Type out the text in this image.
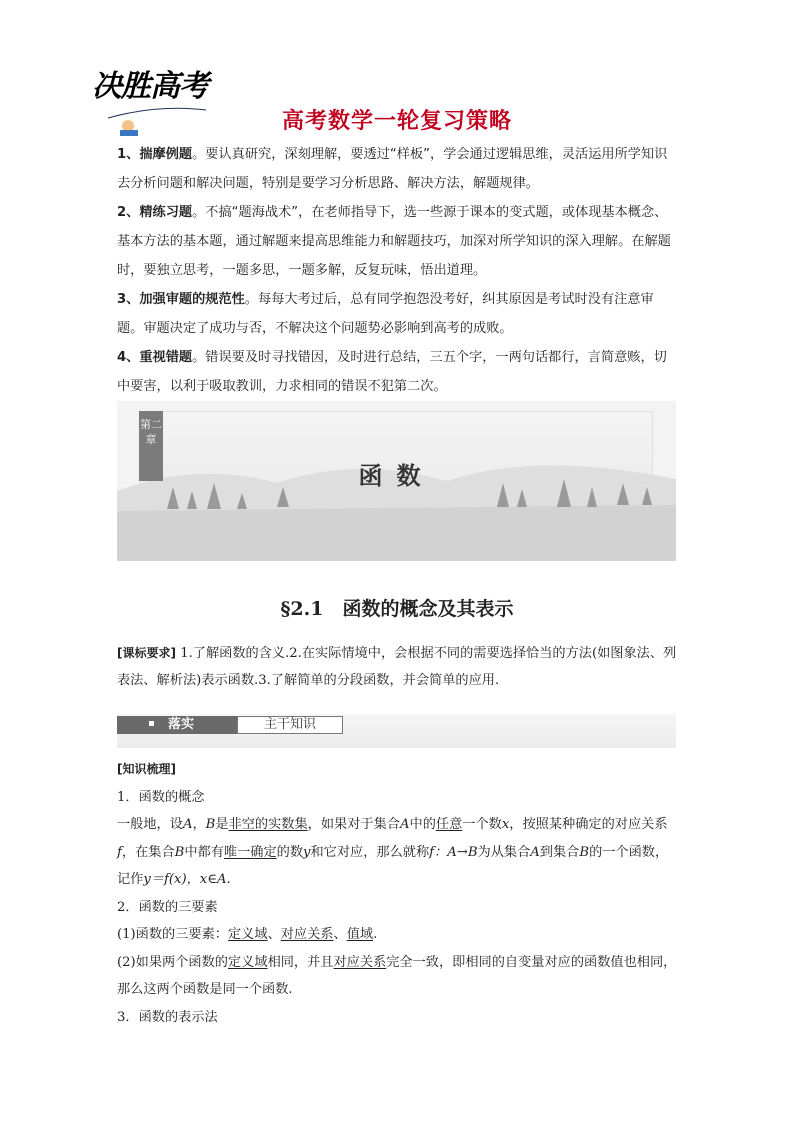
决胜高考
高考数学一轮复习策略

1、揣摩例题。要认真研究，深刻理解，要透过“样板”，学会通过逻辑思维，灵活运用所学知识去分析问题和解决问题，特别是要学习分析思路、解决方法，解题规律。

2、精练习题。不搞“题海战术”，在老师指导下，选一些源于课本的变式题，或体现基本概念、基本方法的基本题，通过解题来提高思维能力和解题技巧，加深对所学知识的深入理解。在解题时，要独立思考，一题多思，一题多解，反复玩味，悟出道理。

3、加强审题的规范性。每每大考过后，总有同学抱怨没考好，纠其原因是考试时没有注意审题。审题决定了成功与否，不解决这个问题势必影响到高考的成败。

4、重视错题。错误要及时寻找错因，及时进行总结，三五个字，一两句话都行，言简意赅，切中要害，以利于吸取教训，力求相同的错误不犯第二次。

第二章
函数
§2.1　函数的概念及其表示
[课标要求] 1.了解函数的含义.2.在实际情境中，会根据不同的需要选择恰当的方法(如图象法、列表法、解析法)表示函数.3.了解简单的分段函数，并会简单的应用.
落实	主干知识

[知识梳理]

1．函数的概念

一般地，设A，B是非空的实数集，如果对于集合A中的任意一个数x，按照某种确定的对应关系f，在集合B中都有唯一确定的数y和它对应，那么就称f：A→B为从集合A到集合B的一个函数，记作y＝f(x)，x∈A.

2．函数的三要素

(1)函数的三要素：定义域、对应关系、值域.

(2)如果两个函数的定义域相同，并且对应关系完全一致，即相同的自变量对应的函数值也相同，那么这两个函数是同一个函数.

3．函数的表示法
